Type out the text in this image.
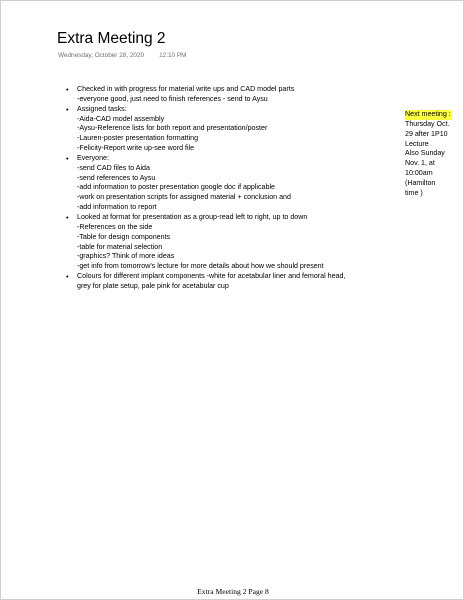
Extra Meeting 2
Wednesday, October 28, 2020 12:10 PM
• Checked in with progress for material write ups and CAD model parts
-everyone good, just need to finish references - send to Aysu
• Assigned tasks:
-Aida-CAD model assembly
-Aysu-Reference lists for both report and presentation/poster
-Lauren-poster presentation formatting
-Felicity-Report write up-see word file
• Everyone:
-send CAD files to Aida
-send references to Aysu
-add information to poster presentation google doc if applicable
-work on presentation scripts for assigned material + conclusion and
-add information to report
• Looked at format for presentation as a group-read left to right, up to down
-References on the side
-Table for design components
-table for material selection
-graphics? Think of more ideas
-get info from tomorrow's lecture for more details about how we should present
• Colours for different implant components -white for acetabular liner and femoral head,
grey for plate setup, pale pink for acetabular cup
Next meeting :
Thursday Oct.
29 after 1P10
Lecture
Also Sunday
Nov. 1, at
10:00am
(Hamilton
time )
Extra Meeting 2 Page 8
